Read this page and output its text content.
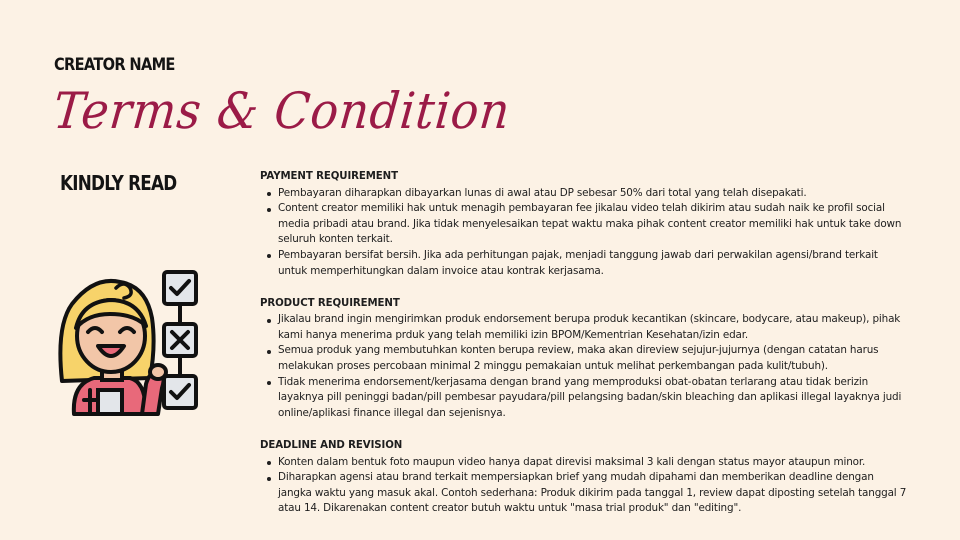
CREATOR NAME
Terms & Condition
KINDLY READ	PAYMENT REQUIREMENT
Pembayaran diharapkan dibayarkan lunas di awal atau DP sebesar 50% dari total yang telah disepakati.
Content creator memiliki hak untuk menagih pembayaran fee jikalau video telah dikirim atau sudah naik ke profil social media pribadi atau brand. Jika tidak menyelesaikan tepat waktu maka pihak content creator memiliki hak untuk take down seluruh konten terkait.
Pembayaran bersifat bersih. Jika ada perhitungan pajak, menjadi tanggung jawab dari perwakilan agensi/brand terkait untuk memperhitungkan dalam invoice atau kontrak kerjasama.
PRODUCT REQUIREMENT
Jikalau brand ingin mengirimkan produk endorsement berupa produk kecantikan (skincare, bodycare, atau makeup), pihak kami hanya menerima prduk yang telah memiliki izin BPOM/Kementrian Kesehatan/izin edar.
Semua produk yang membutuhkan konten berupa review, maka akan direview sejujur-jujurnya (dengan catatan harus melakukan proses percobaan minimal 2 minggu pemakaian untuk melihat perkembangan pada kulit/tubuh).
Tidak menerima endorsement/kerjasama dengan brand yang memproduksi obat-obatan terlarang atau tidak berizin layaknya pill peninggi badan/pill pembesar payudara/pill pelangsing badan/skin bleaching dan aplikasi illegal layaknya judi online/aplikasi finance illegal dan sejenisnya.
DEADLINE AND REVISION
Konten dalam bentuk foto maupun video hanya dapat direvisi maksimal 3 kali dengan status mayor ataupun minor.
Diharapkan agensi atau brand terkait mempersiapkan brief yang mudah dipahami dan memberikan deadline dengan jangka waktu yang masuk akal. Contoh sederhana: Produk dikirim pada tanggal 1, review dapat diposting setelah tanggal 7 atau 14. Dikarenakan content creator butuh waktu untuk "masa trial produk" dan "editing".
